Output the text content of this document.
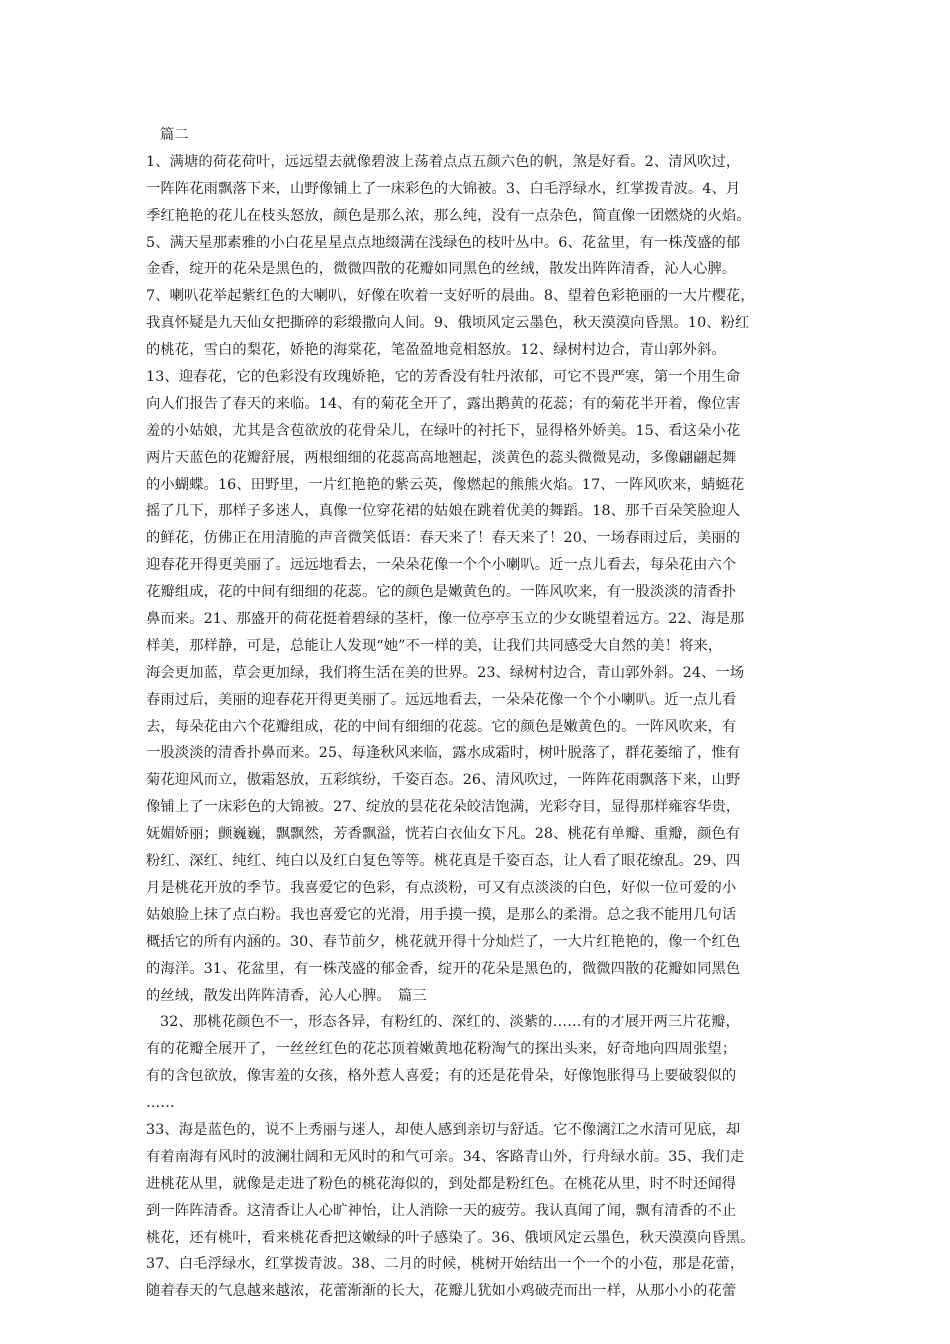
篇二
1、满塘的荷花荷叶，远远望去就像碧波上荡着点点五颜六色的帆，煞是好看。2、清风吹过，
一阵阵花雨飘落下来，山野像铺上了一床彩色的大锦被。3、白毛浮绿水，红掌拨青波。4、月
季红艳艳的花儿在枝头怒放，颜色是那么浓，那么纯，没有一点杂色，简直像一团燃烧的火焰。
5、满天星那素雅的小白花星星点点地缀满在浅绿色的枝叶丛中。6、花盆里，有一株茂盛的郁
金香，绽开的花朵是黑色的，微微四散的花瓣如同黑色的丝绒，散发出阵阵清香，沁人心脾。
7、喇叭花举起紫红色的大喇叭，好像在吹着一支好听的晨曲。8、望着色彩艳丽的一大片樱花，
我真怀疑是九天仙女把撕碎的彩缎撒向人间。9、俄顷风定云墨色，秋天漠漠向昏黑。10、粉红
的桃花，雪白的梨花，娇艳的海棠花，笔盈盈地竞相怒放。12、绿树村边合，青山郭外斜。
13、迎春花，它的色彩没有玫瑰娇艳，它的芳香没有牡丹浓郁，可它不畏严寒，第一个用生命
向人们报告了春天的来临。14、有的菊花全开了，露出鹅黄的花蕊；有的菊花半开着，像位害
羞的小姑娘，尤其是含苞欲放的花骨朵儿，在绿叶的衬托下，显得格外娇美。15、看这朵小花
两片天蓝色的花瓣舒展，两根细细的花蕊高高地翘起，淡黄色的蕊头微微晃动，多像翩翩起舞
的小蝴蝶。16、田野里，一片红艳艳的紫云英，像燃起的熊熊火焰。17、一阵风吹来，蜻蜓花
摇了几下，那样子多迷人，真像一位穿花裙的姑娘在跳着优美的舞蹈。18、那千百朵笑脸迎人
的鲜花，仿佛正在用清脆的声音微笑低语：春天来了！春天来了！20、一场春雨过后，美丽的
迎春花开得更美丽了。远远地看去，一朵朵花像一个个小喇叭。近一点儿看去，每朵花由六个
花瓣组成，花的中间有细细的花蕊。它的颜色是嫩黄色的。一阵风吹来，有一股淡淡的清香扑
鼻而来。21、那盛开的荷花挺着碧绿的茎杆，像一位亭亭玉立的少女眺望着远方。22、海是那
样美，那样静，可是，总能让人发现“她”不一样的美，让我们共同感受大自然的美！将来，
海会更加蓝，草会更加绿，我们将生活在美的世界。23、绿树村边合，青山郭外斜。24、一场
春雨过后，美丽的迎春花开得更美丽了。远远地看去，一朵朵花像一个个小喇叭。近一点儿看
去，每朵花由六个花瓣组成，花的中间有细细的花蕊。它的颜色是嫩黄色的。一阵风吹来，有
一股淡淡的清香扑鼻而来。25、每逢秋风来临，露水成霜时，树叶脱落了，群花萎缩了，惟有
菊花迎风而立，傲霜怒放，五彩缤纷，千姿百态。26、清风吹过，一阵阵花雨飘落下来，山野
像铺上了一床彩色的大锦被。27、绽放的昙花花朵皎洁饱满，光彩夺目，显得那样雍容华贵，
妩媚娇丽；颤巍巍，飘飘然，芳香飘溢，恍若白衣仙女下凡。28、桃花有单瓣、重瓣，颜色有
粉红、深红、纯红、纯白以及红白复色等等。桃花真是千姿百态，让人看了眼花缭乱。29、四
月是桃花开放的季节。我喜爱它的色彩，有点淡粉，可又有点淡淡的白色，好似一位可爱的小
姑娘脸上抹了点白粉。我也喜爱它的光滑，用手摸一摸，是那么的柔滑。总之我不能用几句话
概括它的所有内涵的。30、春节前夕，桃花就开得十分灿烂了，一大片红艳艳的，像一个红色
的海洋。31、花盆里，有一株茂盛的郁金香，绽开的花朵是黑色的，微微四散的花瓣如同黑色
的丝绒，散发出阵阵清香，沁人心脾。　篇三
32、那桃花颜色不一，形态各异，有粉红的、深红的、淡紫的……有的才展开两三片花瓣，
有的花瓣全展开了，一丝丝红色的花芯顶着嫩黄地花粉淘气的探出头来，好奇地向四周张望；
有的含包欲放，像害羞的女孩，格外惹人喜爱；有的还是花骨朵，好像饱胀得马上要破裂似的
……
33、海是蓝色的，说不上秀丽与迷人，却使人感到亲切与舒适。它不像漓江之水清可见底，却
有着南海有风时的波澜壮阔和无风时的和气可亲。34、客路青山外，行舟绿水前。35、我们走
进桃花从里，就像是走进了粉色的桃花海似的，到处都是粉红色。在桃花从里，时不时还闻得
到一阵阵清香。这清香让人心旷神怡，让人消除一天的疲劳。我认真闻了闻，飘有清香的不止
桃花，还有桃叶，看来桃花香把这嫩绿的叶子感染了。36、俄顷风定云墨色，秋天漠漠向昏黑。
37、白毛浮绿水，红掌拨青波。38、二月的时候，桃树开始结出一个一个的小苞，那是花蕾，
随着春天的气息越来越浓，花蕾渐渐的长大，花瓣儿犹如小鸡破壳而出一样，从那小小的花蕾
